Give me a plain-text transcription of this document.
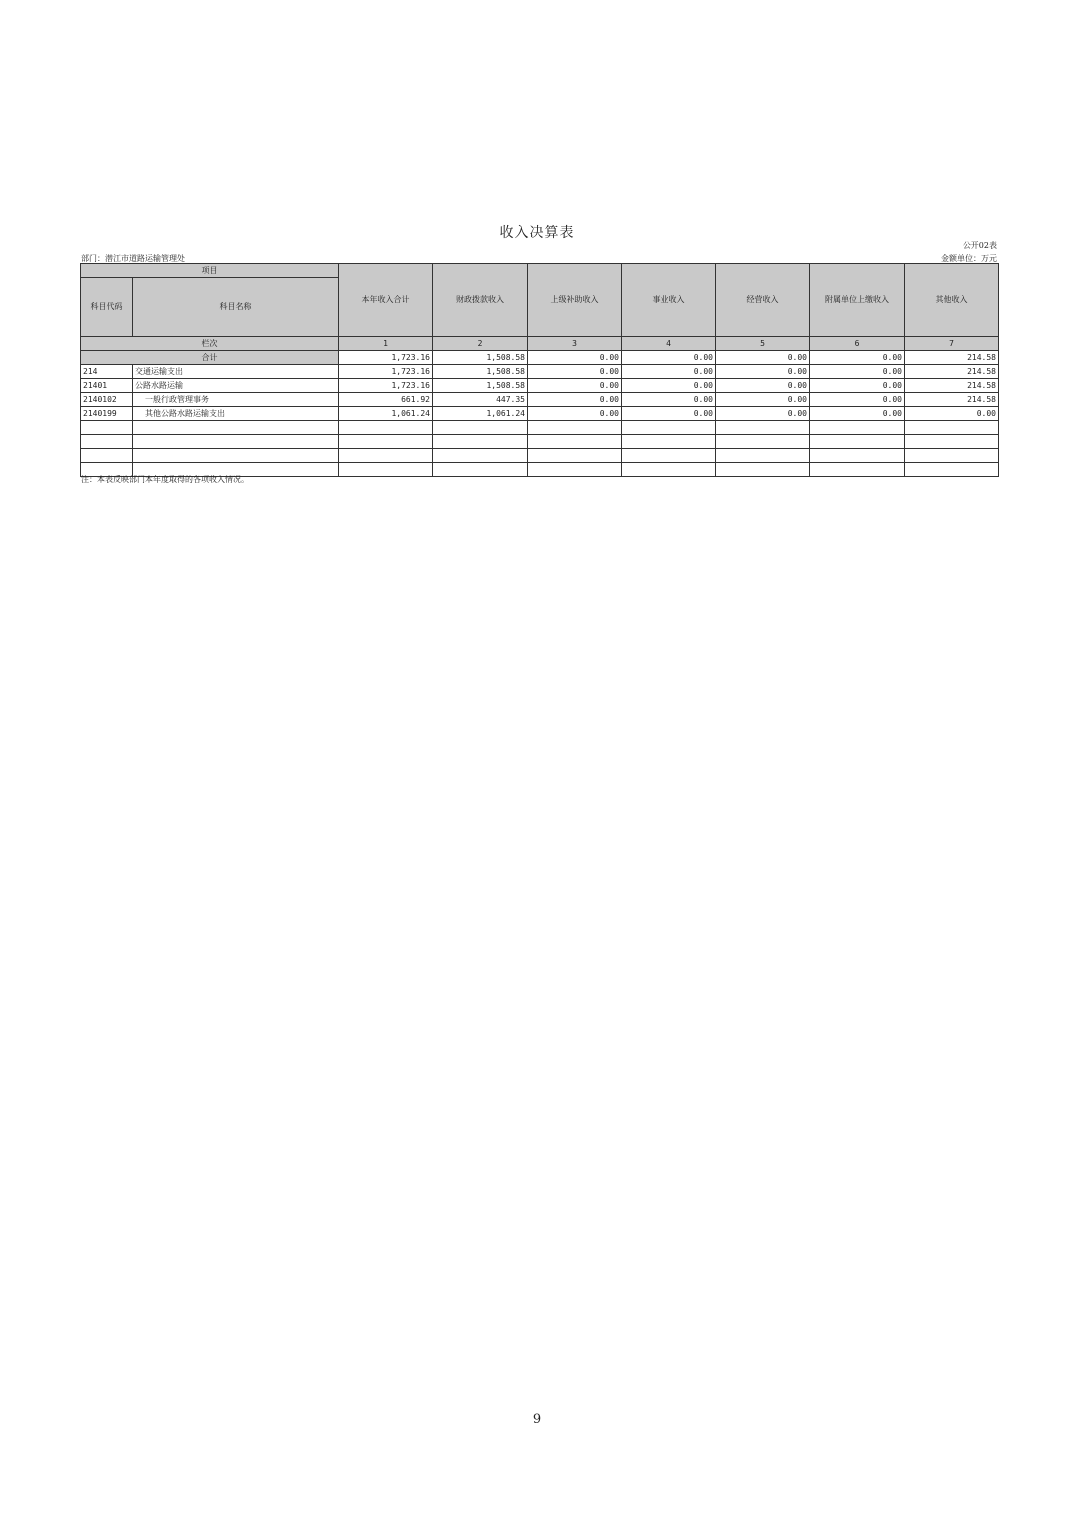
收入决算表
公开02表
部门：潜江市道路运输管理处	金额单位：万元
项目		本年收入合计	财政拨款收入	上级补助收入	事业收入	经营收入	附属单位上缴收入	其他收入
科目代码	科目名称							
栏次		1	2	3	4	5	6	7
合计		1,723.16	1,508.58	0.00	0.00	0.00	0.00	214.58
214	交通运输支出	1,723.16	1,508.58	0.00	0.00	0.00	0.00	214.58
21401	公路水路运输	1,723.16	1,508.58	0.00	0.00	0.00	0.00	214.58
2140102	一般行政管理事务	661.92	447.35	0.00	0.00	0.00	0.00	214.58
2140199	其他公路水路运输支出	1,061.24	1,061.24	0.00	0.00	0.00	0.00	0.00

注：本表反映部门本年度取得的各项收入情况。
9
